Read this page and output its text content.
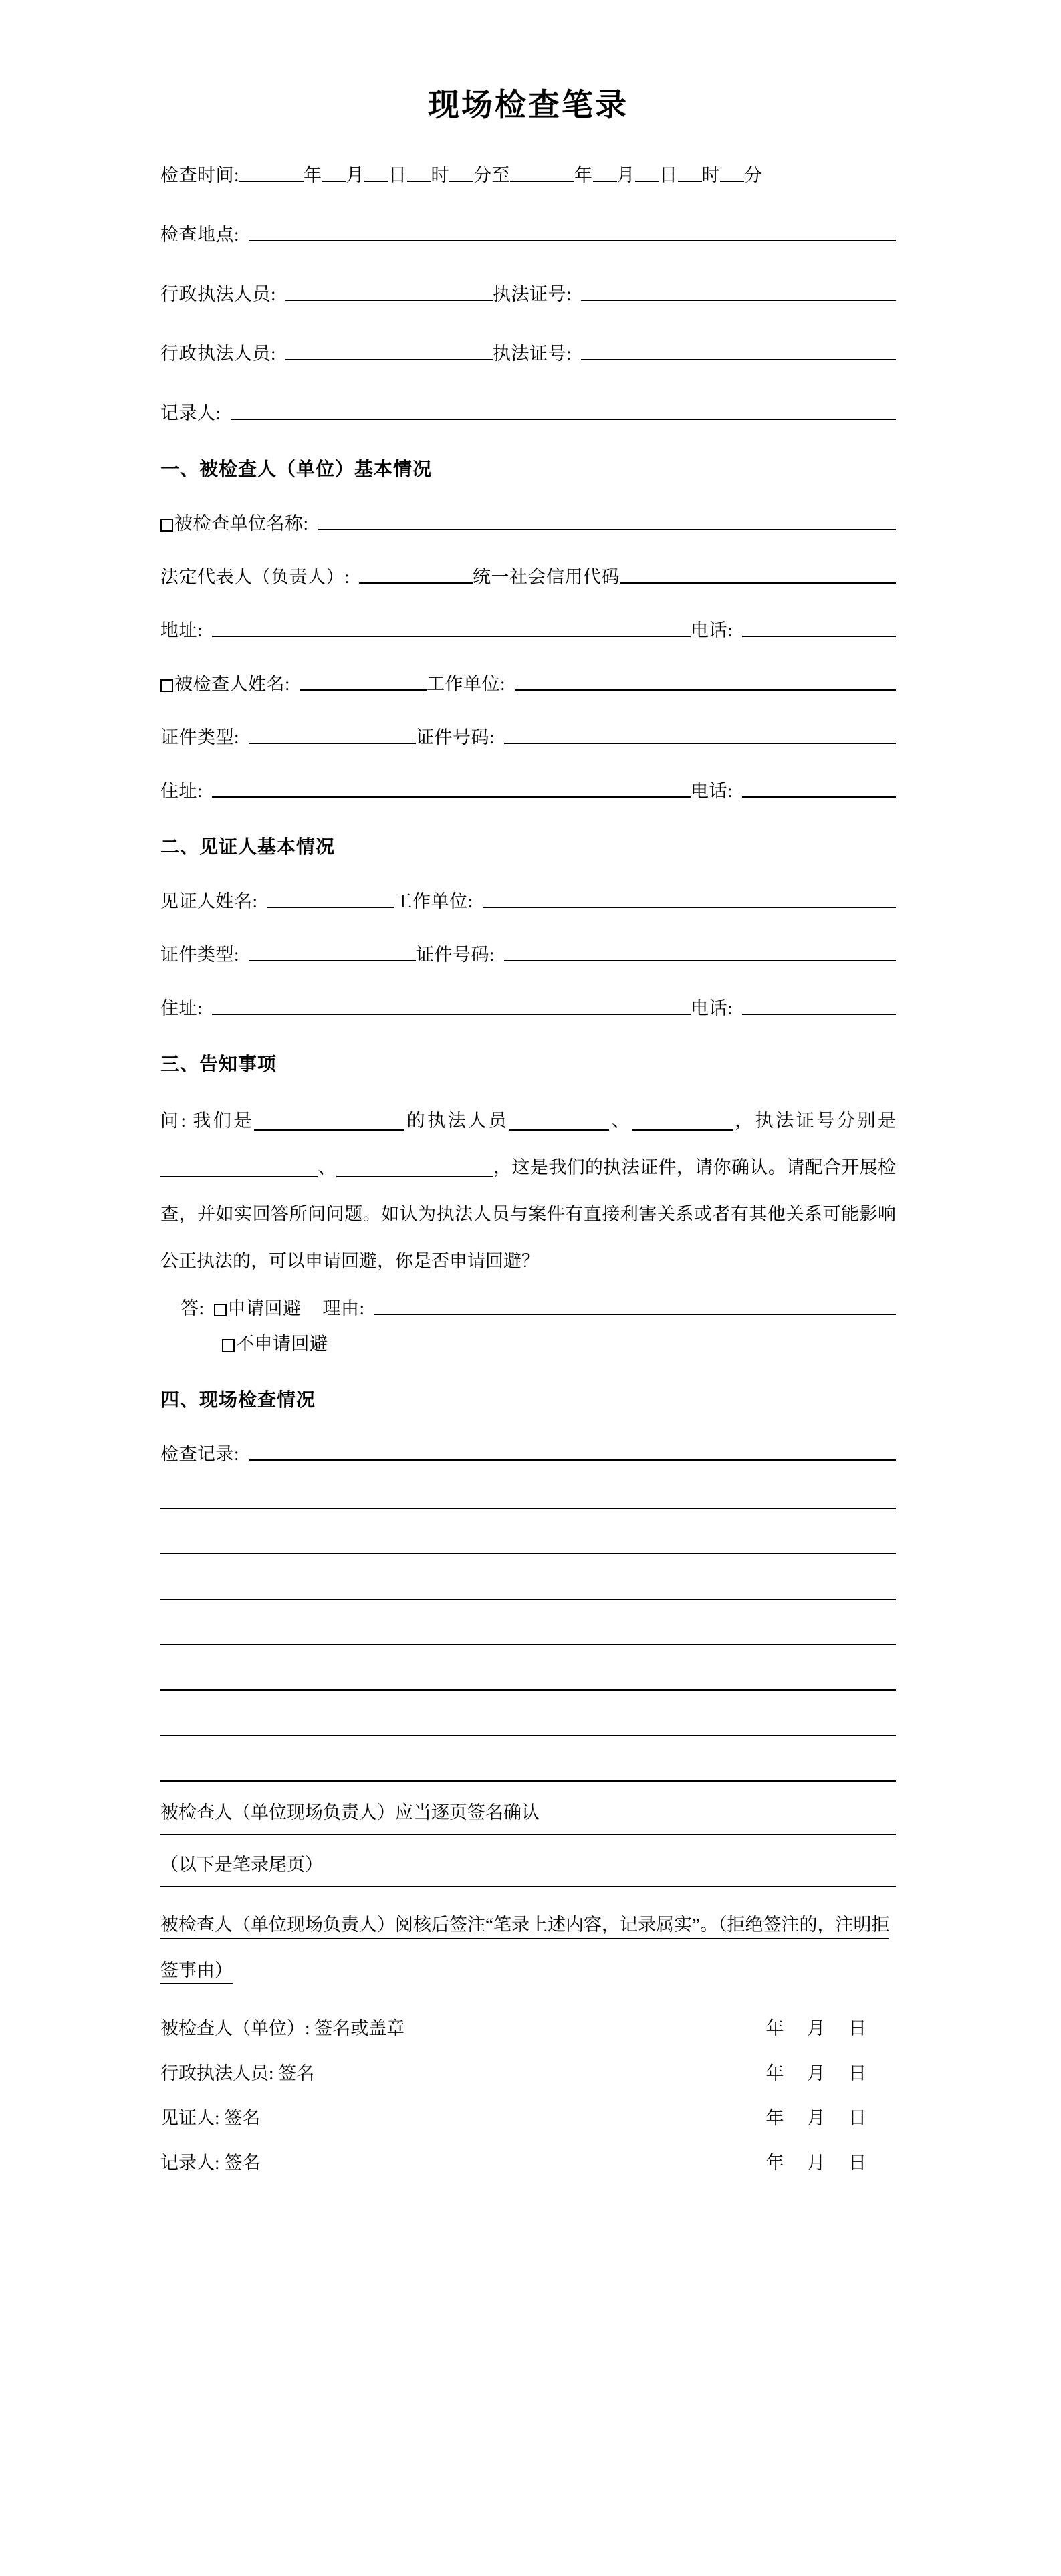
现场检查笔录
检查时间:	年 月 日 时 分 至	年 月 日 时 分
检查地点:
行政执法人员:	执法证号:
行政执法人员:	执法证号:
记录人:
一、被检查人（单位）基本情况
被检查单位名称:
法定代表人（负责人）:	统一社会信用代码
地址:	电话:
被检查人姓名:	工作单位:
证件类型:	证件号码:
住址:	电话:
二、见证人基本情况
见证人姓名:	工作单位:
证件类型:	证件号码:
住址:	电话:
三、告知事项
问: 我们是	的执法人员	、	，执法证号分别是、	，这是我们的执法证件，请你确认。请配合开展检查，并如实回答所问问题。如认为执法人员与案件有直接利害关系或者有其他关系可能影响公正执法的，可以申请回避，你是否申请回避？
答: 申请回避 理由:
不申请回避
四、现场检查情况
检查记录:
被检查人（单位现场负责人）应当逐页签名确认
（以下是笔录尾页）
被检查人（单位现场负责人）阅核后签注“笔录上述内容，记录属实”。（拒绝签注的，注明拒签事由）
被检查人（单位）: 签名或盖章	年 月 日
行政执法人员: 签名	年 月 日
见证人: 签名	年 月 日
记录人: 签名	年 月 日
